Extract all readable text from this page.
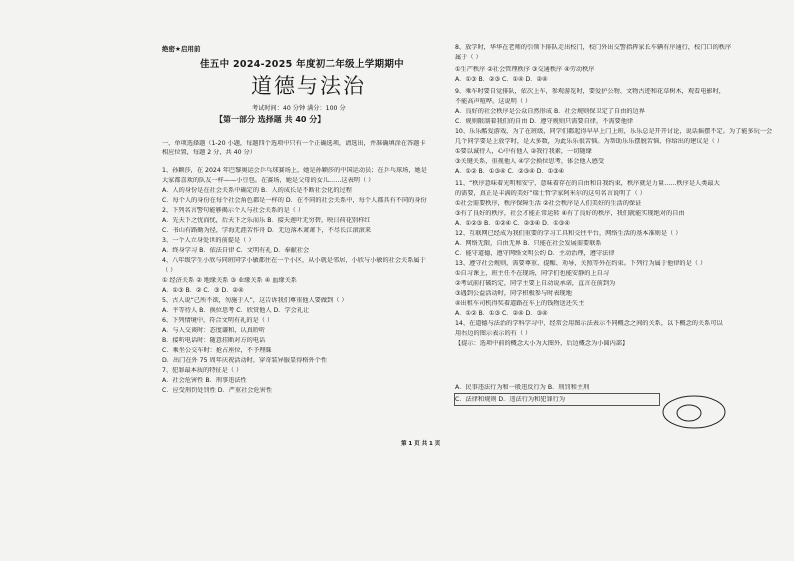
绝密★启用前
佳五中 2024-2025 年度初二年级上学期期中
道德与法治
考试时间：40 分钟 满分：100 分
【第一部分 选择题 共 40 分】
一、单项选择题（1-20 小题，每题四个选项中只有一个正确选项，请选出，并准确填涂在答题卡
相应位置，每题 2 分，共 40 分）
1、孙颖莎，在 2024 年巴黎奥运会乒乓球赛场上，她是孙颖莎的中国运动员；在乒乓球场，她是
大家都喜欢的队友一样——小豆包。在赛场，她是父母的女儿……这表明（ ）
A．人的身份是在社会关系中确定的 B．人的成长是不断社会化的过程
C．每个人的身份在每个社会角色都是一样的 D．在不同的社会关系中，每个人都具有不同的身份
2、下列名言警句能够揭示个人与社会关系的是（ ）
A．先天下之忧而忧，后天下之乐而乐 B．接天莲叶无穷碧，映日荷花别样红
C．书山有路勤为径，学海无涯苦作舟 D．无边落木萧萧下，不尽长江滚滚来
3、一个人立身处世的前提是（ ）
A．终身学习 B．依法自律 C．文明有礼 D．奉献社会
4、八年级学生小欣与同班同学小敏都住在一个小区，从小就是邻居，小欣与小敏的社会关系属于
（ ）
① 经济关系 ② 地缘关系 ③ 业缘关系 ④ 血缘关系
A．①③ B．② C．③ D．②④
5、古人说“己所不欲，勿施于人”，这告诉我们尊重他人要做到（ ）
A．平等待人 B．换位思考 C．欣赏他人 D．学会礼让
6、下列情境中，符合文明有礼的是（ ）
A．与人交谈时：态度谦和，认真聆听
B．接听电话时：随意挂断对方的电话
C．乘坐公交车时：抢占座位，不予理睬
D．出门在外 75 周年庆祝活动时，穿奇装异服显得格外个性
7、犯罪最本质的特征是（ ）
A．社会危害性 B．刑事违法性
C．应受刑罚处罚性 D．严重社会危害性
8、放学时，华华在老师的引领下排队走出校门，校门外出交警指挥家长车辆有序通行，校门口的秩序
属于（ ）
①生产秩序 ②社会管理秩序 ③交通秩序 ④劳动秩序
A．①③ B．②③ C．①④ D．②④
9、乘车时要自觉排队，依次上车，参观游览时，要爱护公物、文物古迹和花草树木，观看电影时，
不能高声喧哗。这说明（ ）
A．良好的社会秩序是公众自然形成 B．社会规则保卫定了自由的边界
C．规则限制着我们的自由 D．遵守规则只需要自律，不需要他律
10、乐乐酷爱游戏，为了在班级，同学们都起得早早上门上班，乐乐总是开开讨论，说话摇摆不定。为了能多玩一会
几个同学要是上放学时，是大多数，为此乐乐很苦恼。为帮助乐乐摆脱苦恼，你给出的建议是（ ）
①要以诚待人，心中有他人 ②我行我素，一切随缘
③关键关系，重视他人 ④学会换位思考，体会他人感受
A．①② B．①③④ C．②③④ D．①③④
11、“秩序意味着光明和安宁，意味着存在的自由和自我约束，秩序就是力量……秩序是人类最大
的需要，真正是丰满的美好”瑞士哲学家阿米尔的这句名言说明了（ ）
①社会需要秩序，秩序保障生活 ②社会秩序是人们美好的生活的保证
③有了良好的秩序，社会才能正常运转 ④有了良好的秩序，我们就能实现绝对的自由
A．①②③ B．①②④ C．②③④ D．①③④
12、互联网已经成为我们重要的学习工具和交往平台，网络生活的基本准则是（ ）
A．网络无限，自由无界 B．只能在社会发展需要联系
C．能守道德，遵守网络文明公约 D．主动治理，遵守法律
13、遵守社会规则，需要尊重、提醒、劝导，关照等外在约束。下列行为属于他律的是（ ）
①自习课上，班主任不在现场，同学们也能安静的上自习
②考试前打破约定，同学主要上自动说承诺，直言在前到为
③遇到公益活动时，同学积极参与时表现地
④出租车司机得奖着道路在车上的钱物送还失主
A．①② B．①③ C．②④ D．③④
14、在道德与法治的学科学习中，经常会用图示法表示不同概念之间的关系，以下概念的关系可以
用右边的图示表示的有（ ）
【提示：选项中前的概念大小为大图外，后边概念为小圆内部】
A．民事违法行为和一般违反行为 B．刑罚和主刑
C．法律和规则 D．违法行为和犯罪行为
第 1 页 共 1 页
